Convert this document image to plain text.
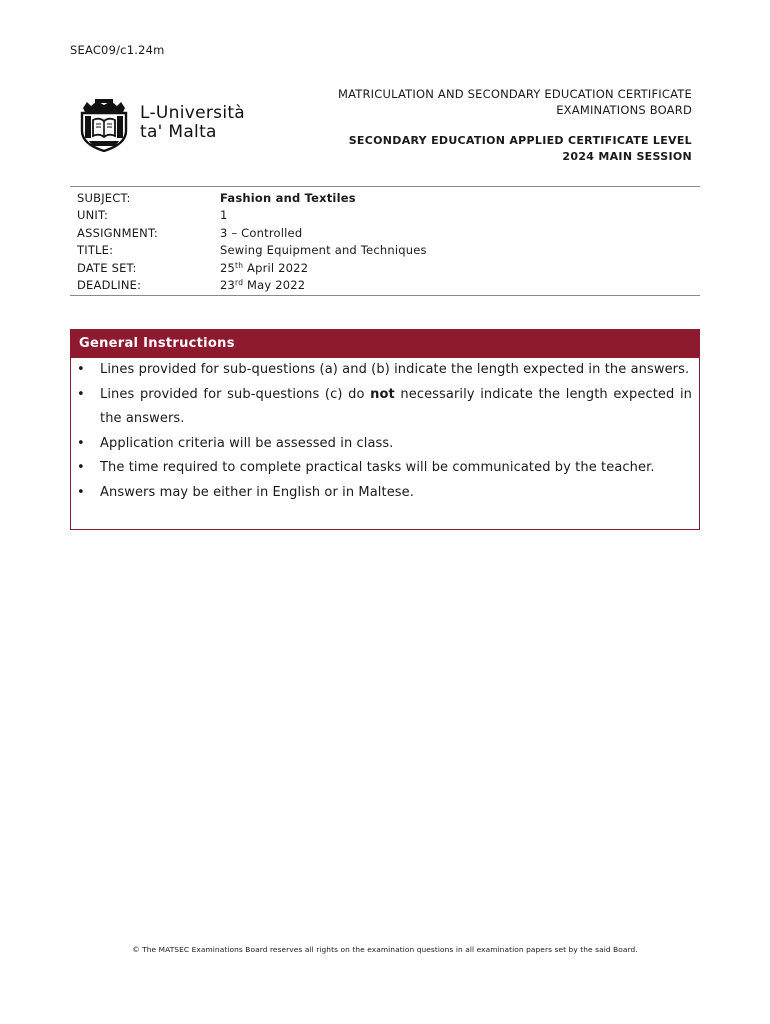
SEAC09/c1.24m
L-Università
ta' Malta
MATRICULATION AND SECONDARY EDUCATION CERTIFICATE
EXAMINATIONS BOARD
SECONDARY EDUCATION APPLIED CERTIFICATE LEVEL
2024 MAIN SESSION
SUBJECT:	Fashion and Textiles
UNIT:	1
ASSIGNMENT:	3 – Controlled
TITLE:	Sewing Equipment and Techniques
DATE SET:	25th April 2022
DEADLINE:	23rd May 2022
General Instructions
• Lines provided for sub-questions (a) and (b) indicate the length expected in the answers.
• Lines provided for sub-questions (c) do not necessarily indicate the length expected in the answers.
• Application criteria will be assessed in class.
• The time required to complete practical tasks will be communicated by the teacher.
• Answers may be either in English or in Maltese.
© The MATSEC Examinations Board reserves all rights on the examination questions in all examination papers set by the said Board.
